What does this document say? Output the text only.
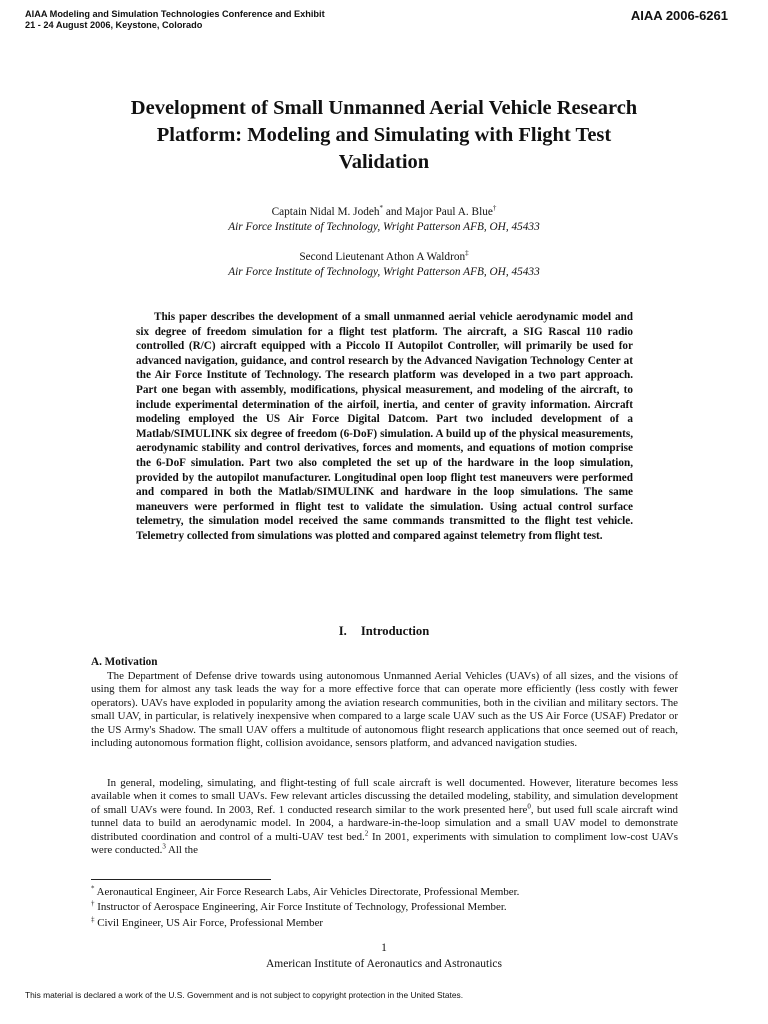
AIAA Modeling and Simulation Technologies Conference and Exhibit
21 - 24 August 2006, Keystone, Colorado
AIAA 2006-6261
Development of Small Unmanned Aerial Vehicle Research
Platform: Modeling and Simulating with Flight Test
Validation
Captain Nidal M. Jodeh* and Major Paul A. Blue†
Air Force Institute of Technology, Wright Patterson AFB, OH, 45433
Second Lieutenant Athon A Waldron‡
Air Force Institute of Technology, Wright Patterson AFB, OH, 45433

This paper describes the development of a small unmanned aerial vehicle aerodynamic model and six degree of freedom simulation for a flight test platform. The aircraft, a SIG Rascal 110 radio controlled (R/C) aircraft equipped with a Piccolo II Autopilot Controller, will primarily be used for advanced navigation, guidance, and control research by the Advanced Navigation Technology Center at the Air Force Institute of Technology. The research platform was developed in a two part approach. Part one began with assembly, modifications, physical measurement, and modeling of the aircraft, to include experimental determination of the airfoil, inertia, and center of gravity information. Aircraft modeling employed the US Air Force Digital Datcom. Part two included development of a Matlab/SIMULINK six degree of freedom (6-DoF) simulation. A build up of the physical measurements, aerodynamic stability and control derivatives, forces and moments, and equations of motion comprise the 6-DoF simulation. Part two also completed the set up of the hardware in the loop simulation, provided by the autopilot manufacturer. Longitudinal open loop flight test maneuvers were performed and compared in both the Matlab/SIMULINK and hardware in the loop simulations. The same maneuvers were performed in flight test to validate the simulation. Using actual control surface telemetry, the simulation model received the same commands transmitted to the flight test vehicle. Telemetry collected from simulations was plotted and compared against telemetry from flight test.

I. Introduction
A. Motivation

The Department of Defense drive towards using autonomous Unmanned Aerial Vehicles (UAVs) of all sizes, and the visions of using them for almost any task leads the way for a more effective force that can operate more efficiently (less costly with fewer operators). UAVs have exploded in popularity among the aviation research communities, both in the civilian and military sectors. The small UAV, in particular, is relatively inexpensive when compared to a large scale UAV such as the US Air Force (USAF) Predator or the US Army's Shadow. The small UAV offers a multitude of autonomous flight research applications that once seemed out of reach, including autonomous formation flight, collision avoidance, sensors platform, and advanced navigation studies.

In general, modeling, simulating, and flight-testing of full scale aircraft is well documented. However, literature becomes less available when it comes to small UAVs. Few relevant articles discussing the detailed modeling, stability, and simulation development of small UAVs were found. In 2003, Ref. 1 conducted research similar to the work presented here$^0$, but used full scale aircraft wind tunnel data to build an aerodynamic model. In 2004, a hardware-in-the-loop simulation and a small UAV model to demonstrate distributed coordination and control of a multi-UAV test bed.$^2$ In 2001, experiments with simulation to compliment low-cost UAVs were conducted.$^3$ All the

* Aeronautical Engineer, Air Force Research Labs, Air Vehicles Directorate, Professional Member.
† Instructor of Aerospace Engineering, Air Force Institute of Technology, Professional Member.
‡ Civil Engineer, US Air Force, Professional Member
1
American Institute of Aeronautics and Astronautics
This material is declared a work of the U.S. Government and is not subject to copyright protection in the United States.
